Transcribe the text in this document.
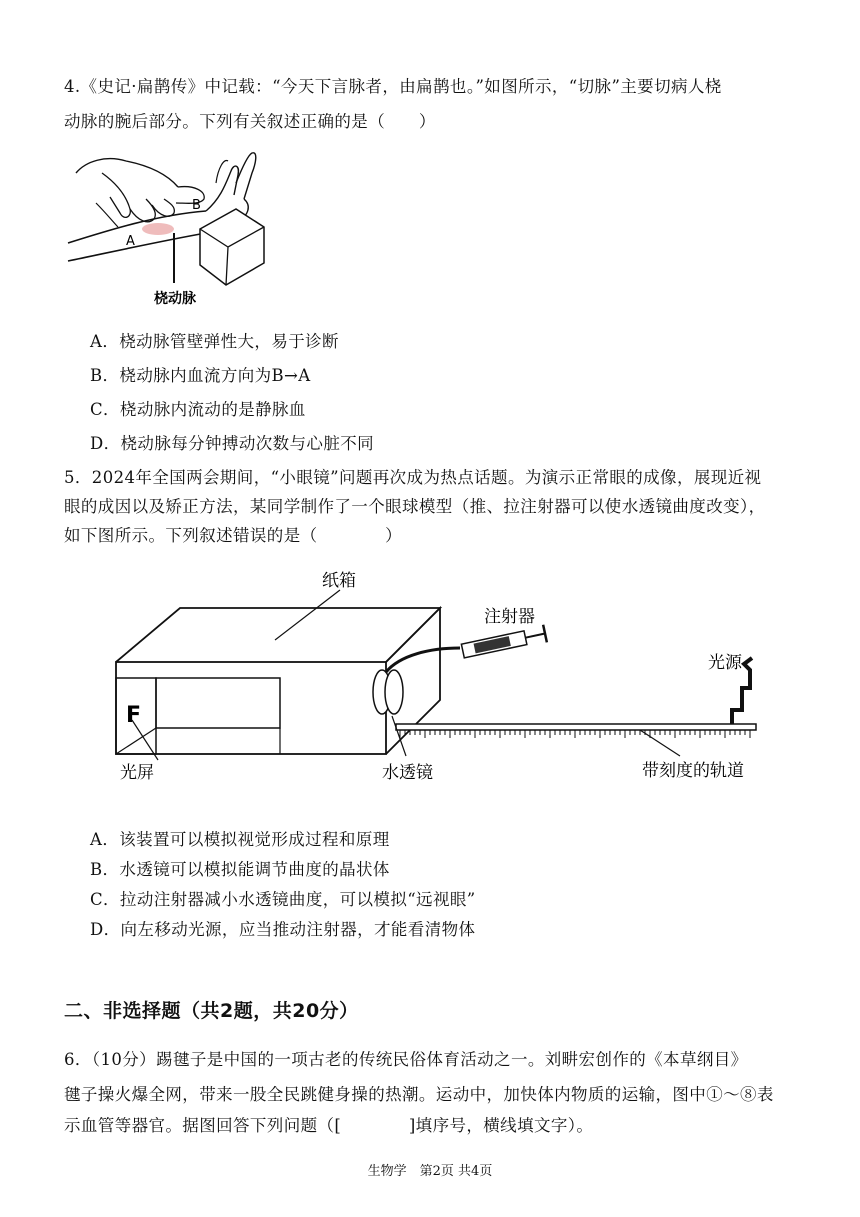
4.《史记·扁鹊传》中记载：“今天下言脉者，由扁鹊也。”如图所示，“切脉”主要切病人桡
动脉的腕后部分。下列有关叙述正确的是（　　）
B
A
桡动脉
A．桡动脉管壁弹性大，易于诊断
B．桡动脉内血流方向为B→A
C．桡动脉内流动的是静脉血
D．桡动脉每分钟搏动次数与心脏不同
5．2024年全国两会期间，“小眼镜”问题再次成为热点话题。为演示正常眼的成像，展现近视
眼的成因以及矫正方法，某同学制作了一个眼球模型（推、拉注射器可以使水透镜曲度改变），
如下图所示。下列叙述错误的是（　　　　）
F
纸箱
注射器
光源
光屏	水透镜	带刻度的轨道
A．该装置可以模拟视觉形成过程和原理
B．水透镜可以模拟能调节曲度的晶状体
C．拉动注射器减小水透镜曲度，可以模拟“远视眼”
D．向左移动光源，应当推动注射器，才能看清物体
二、非选择题（共2题，共20分）
6．（10分）踢毽子是中国的一项古老的传统民俗体育活动之一。刘畊宏创作的《本草纲目》
毽子操火爆全网，带来一股全民跳健身操的热潮。运动中，加快体内物质的运输，图中①～⑧表
示血管等器官。据图回答下列问题（[　　　　]填序号，横线填文字）。
生物学　第2页 共4页
